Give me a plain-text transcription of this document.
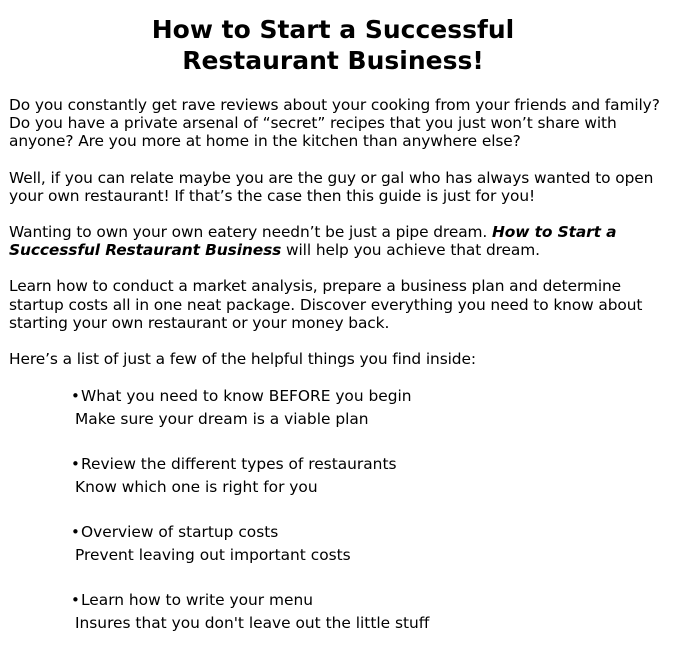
How to Start a Successful
Restaurant Business!

Do you constantly get rave reviews about your cooking from your friends and family? Do you have a private arsenal of “secret” recipes that you just won’t share with anyone? Are you more at home in the kitchen than anywhere else?

Well, if you can relate maybe you are the guy or gal who has always wanted to open your own restaurant! If that’s the case then this guide is just for you!

Wanting to own your own eatery needn’t be just a pipe dream. How to Start a Successful Restaurant Business will help you achieve that dream.

Learn how to conduct a market analysis, prepare a business plan and determine startup costs all in one neat package. Discover everything you need to know about starting your own restaurant or your money back.

Here’s a list of just a few of the helpful things you find inside:

•What you need to know BEFORE you begin
Make sure your dream is a viable plan
•Review the different types of restaurants
Know which one is right for you
•Overview of startup costs
Prevent leaving out important costs
•Learn how to write your menu
Insures that you don't leave out the little stuff
